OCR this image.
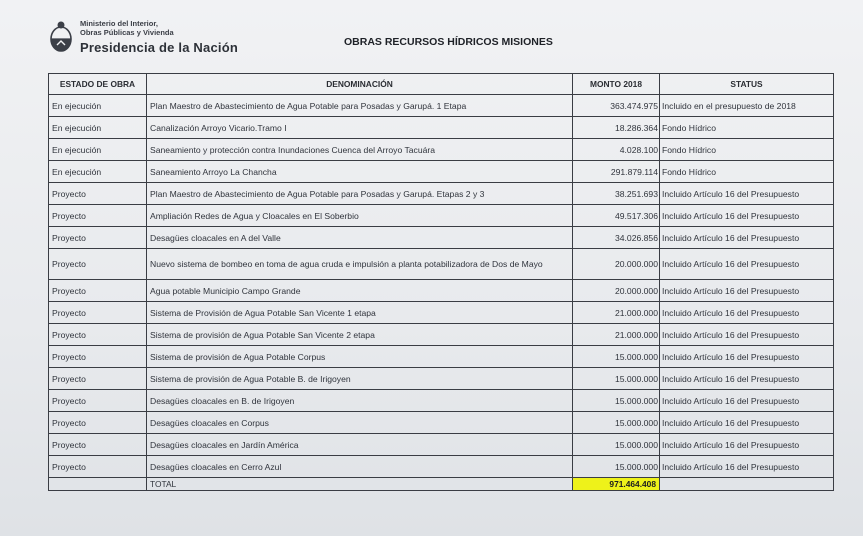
Ministerio del Interior,
Obras Públicas y Vivienda
Presidencia de la Nación	OBRAS RECURSOS HÍDRICOS MISIONES
ESTADO DE OBRA	DENOMINACIÓN	MONTO 2018	STATUS
En ejecución	Plan Maestro de Abastecimiento de Agua Potable para Posadas y Garupá. 1 Etapa	363.474.975	Incluido en el presupuesto de 2018
En ejecución	Canalización Arroyo Vicario.Tramo I	18.286.364	Fondo Hídrico
En ejecución	Saneamiento y protección contra Inundaciones Cuenca del Arroyo Tacuára	4.028.100	Fondo Hídrico
En ejecución	Saneamiento Arroyo La Chancha	291.879.114	Fondo Hídrico
Proyecto	Plan Maestro de Abastecimiento de Agua Potable para Posadas y Garupá. Etapas 2 y 3	38.251.693	Incluido Artículo 16 del Presupuesto
Proyecto	Ampliación Redes de Agua y Cloacales en El Soberbio	49.517.306	Incluido Artículo 16 del Presupuesto
Proyecto	Desagües cloacales en A del Valle	34.026.856	Incluido Artículo 16 del Presupuesto
Proyecto	Nuevo sistema de bombeo en toma de agua cruda e impulsión a planta potabilizadora de Dos de Mayo	20.000.000	Incluido Artículo 16 del Presupuesto
Proyecto	Agua potable Municipio Campo Grande	20.000.000	Incluido Artículo 16 del Presupuesto
Proyecto	Sistema de Provisión de Agua Potable San Vicente 1 etapa	21.000.000	Incluido Artículo 16 del Presupuesto
Proyecto	Sistema de provisión de Agua Potable San Vicente 2 etapa	21.000.000	Incluido Artículo 16 del Presupuesto
Proyecto	Sistema de provisión de Agua Potable Corpus	15.000.000	Incluido Artículo 16 del Presupuesto
Proyecto	Sistema de provisión de Agua Potable B. de Irigoyen	15.000.000	Incluido Artículo 16 del Presupuesto
Proyecto	Desagües cloacales en B. de Irigoyen	15.000.000	Incluido Artículo 16 del Presupuesto
Proyecto	Desagües cloacales en Corpus	15.000.000	Incluido Artículo 16 del Presupuesto
Proyecto	Desagües cloacales en Jardín América	15.000.000	Incluido Artículo 16 del Presupuesto
Proyecto	Desagües cloacales en Cerro Azul	15.000.000	Incluido Artículo 16 del Presupuesto
	TOTAL	971.464.408	
